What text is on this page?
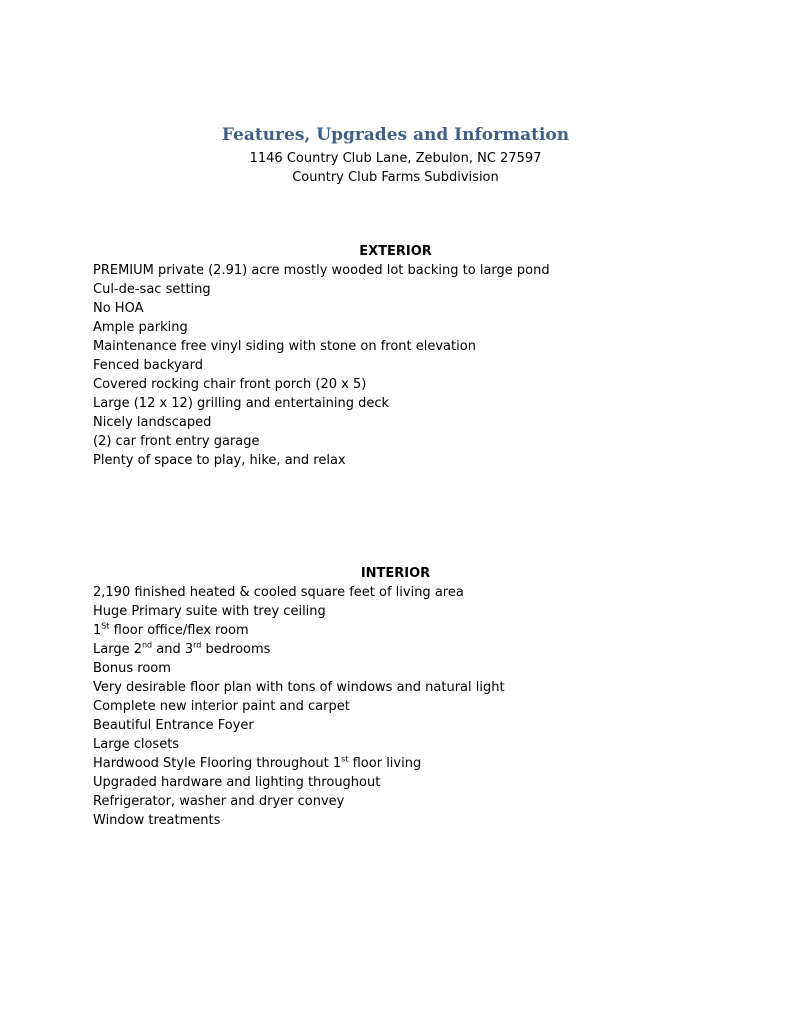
Features, Upgrades and Information
1146 Country Club Lane, Zebulon, NC 27597
Country Club Farms Subdivision
EXTERIOR
PREMIUM private (2.91) acre mostly wooded lot backing to large pond
Cul-de-sac setting
No HOA
Ample parking
Maintenance free vinyl siding with stone on front elevation
Fenced backyard
Covered rocking chair front porch (20 x 5)
Large (12 x 12) grilling and entertaining deck
Nicely landscaped
(2) car front entry garage
Plenty of space to play, hike, and relax
INTERIOR
2,190 finished heated & cooled square feet of living area
Huge Primary suite with trey ceiling
1St floor office/flex room
Large 2nd and 3rd bedrooms
Bonus room
Very desirable floor plan with tons of windows and natural light
Complete new interior paint and carpet
Beautiful Entrance Foyer
Large closets
Hardwood Style Flooring throughout 1st floor living
Upgraded hardware and lighting throughout
Refrigerator, washer and dryer convey
Window treatments
